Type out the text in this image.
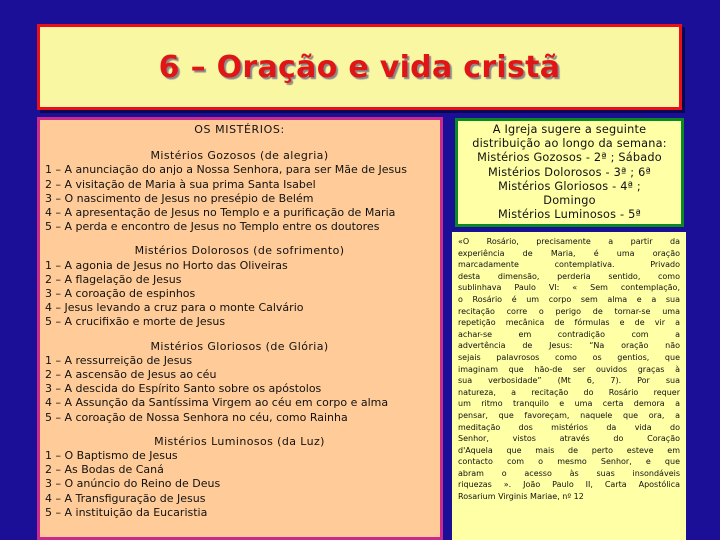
6 – Oração e vida cristã
OS MISTÉRIOS:
Mistérios Gozosos (de alegria)
1 – A anunciação do anjo a Nossa Senhora, para ser Mãe de Jesus
2 – A visitação de Maria à sua prima Santa Isabel
3 – O nascimento de Jesus no presépio de Belém
4 – A apresentação de Jesus no Templo e a purificação de Maria
5 – A perda e encontro de Jesus no Templo entre os doutores
Mistérios Dolorosos (de sofrimento)
1 – A agonia de Jesus no Horto das Oliveiras
2 – A flagelação de Jesus
3 – A coroação de espinhos
4 – Jesus levando a cruz para o monte Calvário
5 – A crucifixão e morte de Jesus
Mistérios Gloriosos (de Glória)
1 – A ressurreição de Jesus
2 – A ascensão de Jesus ao céu
3 – A descida do Espírito Santo sobre os apóstolos
4 – A Assunção da Santíssima Virgem ao céu em corpo e alma
5 – A coroação de Nossa Senhora no céu, como Rainha
Mistérios Luminosos (da Luz)
1 – O Baptismo de Jesus
2 – As Bodas de Caná
3 – O anúncio do Reino de Deus
4 – A Transfiguração de Jesus
5 – A instituição da Eucaristia
A Igreja sugere a seguinte
distribuição ao longo da semana:
Mistérios Gozosos - 2ª ; Sábado
Mistérios Dolorosos - 3ª ; 6ª
Mistérios Gloriosos - 4ª ;
Domingo
Mistérios Luminosos - 5ª
«O Rosário, precisamente a partir da
experiência de Maria, é uma oração
marcadamente contemplativa. Privado
desta dimensão, perderia sentido, como
sublinhava Paulo VI: « Sem contemplação,
o Rosário é um corpo sem alma e a sua
recitação corre o perigo de tornar-se uma
repetição mecânica de fórmulas e de vir a
achar-se em contradição com a
advertência de Jesus: “Na oração não
sejais palavrosos como os gentios, que
imaginam que hão-de ser ouvidos graças à
sua verbosidade” (Mt 6, 7). Por sua
natureza, a recitação do Rosário requer
um ritmo tranquilo e uma certa demora a
pensar, que favoreçam, naquele que ora, a
meditação dos mistérios da vida do
Senhor, vistos através do Coração
d'Aquela que mais de perto esteve em
contacto com o mesmo Senhor, e que
abram o acesso às suas insondáveis
riquezas ». João Paulo II, Carta Apostólica
Rosarium Virginis Mariae, nº 12
